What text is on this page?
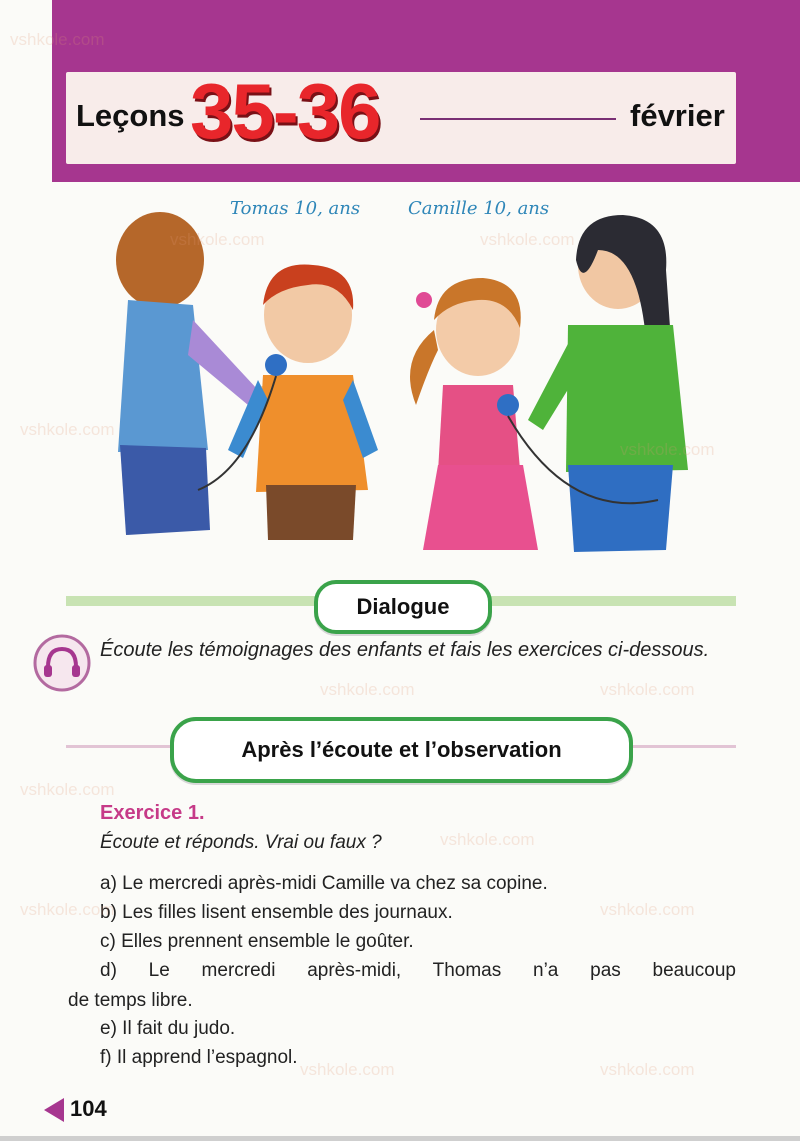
Leçons 35-36	février
Tomas 10, ans	Camille 10, ans
Dialogue
Écoute les témoignages des enfants et fais les exercices ci-dessous.
Après l’écoute et l’observation
Exercice 1.
Écoute et réponds. Vrai ou faux ?
a) Le mercredi après-midi Camille va chez sa copine.
b) Les filles lisent ensemble des journaux.
c) Elles prennent ensemble le goûter.
d) Le mercredi après-midi, Thomas n’a pas beaucoup
de temps libre.
e) Il fait du judo.
f) Il apprend l’espagnol.
104
vshkole.com
vshkole.com	vshkole.com
vshkole.com
vshkole.com
vshkole.com	vshkole.com
vshkole.com
vshkole.com
vshkole.com	vshkole.com
vshkole.com	vshkole.com
